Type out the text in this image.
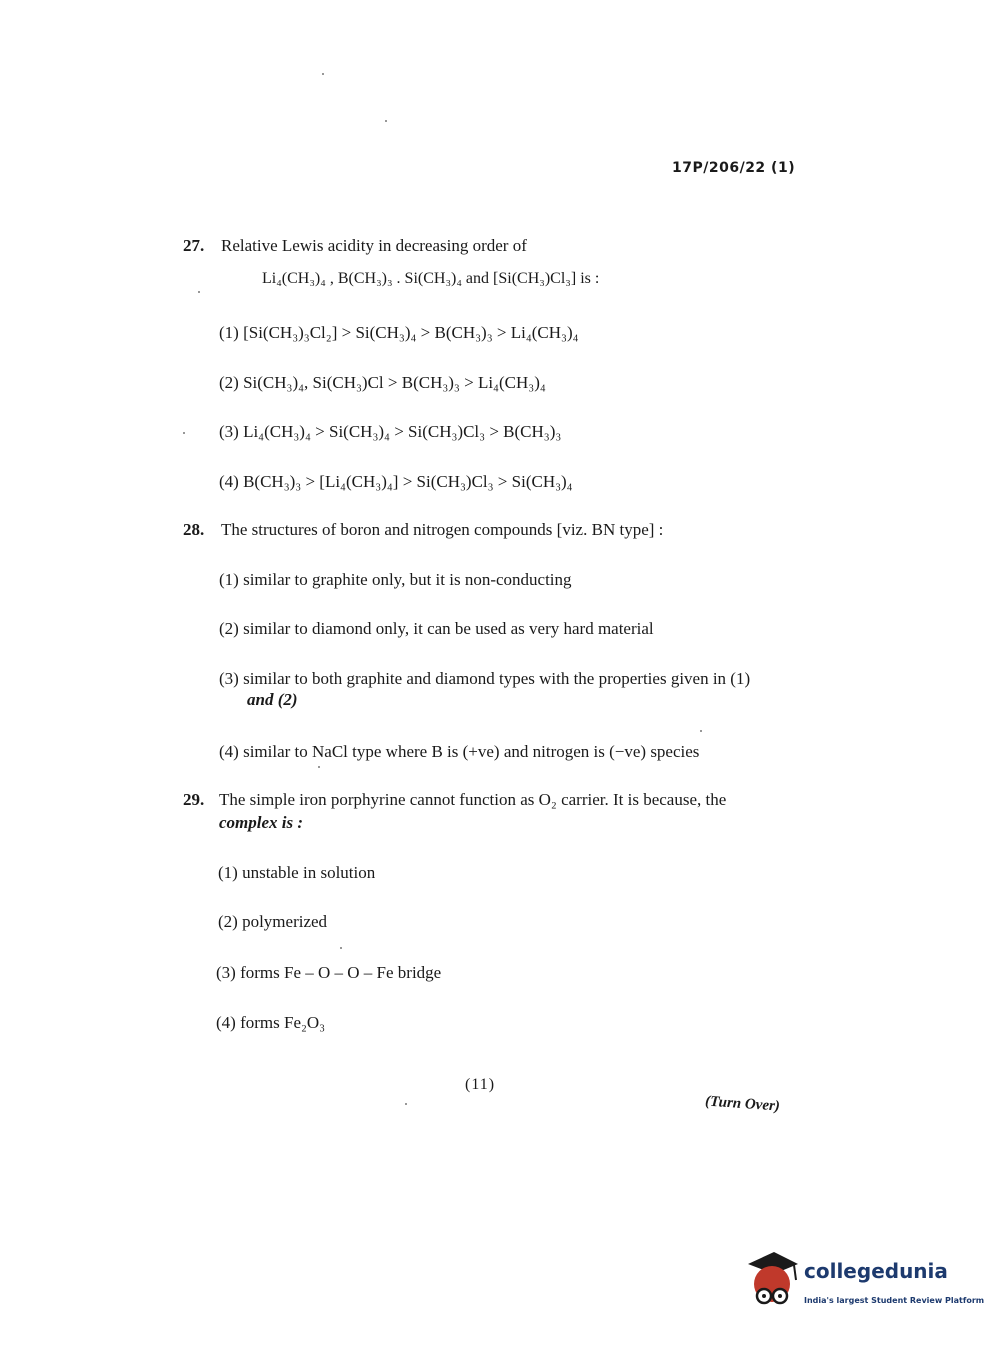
17P/206/22 (1)
27. Relative Lewis acidity in decreasing order of
Li₄(CH₃)₄ , B(CH₃)₃ . Si(CH₃)₄ and [Si(CH₃)Cl₃] is :
(1) [Si(CH₃)₃Cl₂] > Si(CH₃)₄ > B(CH₃)₃ > Li₄(CH₃)₄
(2) Si(CH₃)₄, Si(CH₃)Cl > B(CH₃)₃ > Li₄(CH₃)₄
(3) Li₄(CH₃)₄ > Si(CH₃)₄ > Si(CH₃)Cl₃ > B(CH₃)₃
(4) B(CH₃)₃ > [Li₄(CH₃)₄] > Si(CH₃)Cl₃ > Si(CH₃)₄
28. The structures of boron and nitrogen compounds [viz. BN type] :
(1) similar to graphite only, but it is non-conducting
(2) similar to diamond only, it can be used as very hard material
(3) similar to both graphite and diamond types with the properties given in (1)
and (2)
(4) similar to NaCl type where B is (+ve) and nitrogen is (−ve) species
29. The simple iron porphyrine cannot function as O₂ carrier. It is because, the
complex is :
(1) unstable in solution
(2) polymerized
(3) forms Fe – O – O – Fe bridge
(4) forms Fe₂O₃
(11)
(Turn Over)
collegedunia
India's largest Student Review Platform
